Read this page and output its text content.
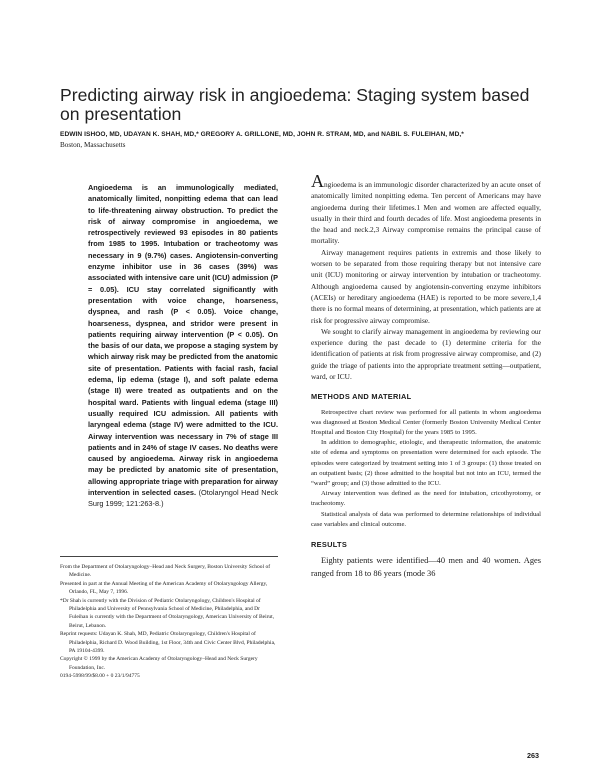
Predicting airway risk in angioedema: Staging system based on presentation
EDWIN ISHOO, MD, UDAYAN K. SHAH, MD,* GREGORY A. GRILLONE, MD, JOHN R. STRAM, MD, and NABIL S. FULEIHAN, MD,*
Boston, Massachusetts

Angioedema is an immunologically mediated, anatomically limited, nonpitting edema that can lead to life-threatening airway obstruction. To predict the risk of airway compromise in angioedema, we retrospectively reviewed 93 episodes in 80 patients from 1985 to 1995. Intubation or tracheotomy was necessary in 9 (9.7%) cases. Angiotensin-converting enzyme inhibitor use in 36 cases (39%) was associated with intensive care unit (ICU) admission (P = 0.05). ICU stay correlated significantly with presentation with voice change, hoarseness, dyspnea, and rash (P < 0.05). Voice change, hoarseness, dyspnea, and stridor were present in patients requiring airway intervention (P < 0.05). On the basis of our data, we propose a staging system by which airway risk may be predicted from the anatomic site of presentation. Patients with facial rash, facial edema, lip edema (stage I), and soft palate edema (stage II) were treated as outpatients and on the hospital ward. Patients with lingual edema (stage III) usually required ICU admission. All patients with laryngeal edema (stage IV) were admitted to the ICU. Airway intervention was necessary in 7% of stage III patients and in 24% of stage IV cases. No deaths were caused by angioedema. Airway risk in angioedema may be predicted by anatomic site of presentation, allowing appropriate triage with preparation for airway intervention in selected cases. (Otolaryngol Head Neck Surg 1999; 121:263-8.)

From the Department of Otolaryngology–Head and Neck Surgery, Boston University School of Medicine.

Presented in part at the Annual Meeting of the American Academy of Otolaryngology Allergy, Orlando, FL, May 7, 1996.

*Dr Shah is currently with the Division of Pediatric Otolaryngology, Children's Hospital of Philadelphia and University of Pennsylvania School of Medicine, Philadelphia, and Dr Fuleihan is currently with the Department of Otolaryngology, American University of Beirut, Beirut, Lebanon.

Reprint requests: Udayan K. Shah, MD, Pediatric Otolaryngology, Children's Hospital of Philadelphia, Richard D. Wood Building, 1st Floor, 34th and Civic Center Blvd, Philadelphia, PA 19104-4399.

Copyright © 1999 by the American Academy of Otolaryngology–Head and Neck Surgery Foundation, Inc.

0194-5998/99/$8.00 + 0 23/1/94775

Angioedema is an immunologic disorder characterized by an acute onset of anatomically limited nonpitting edema. Ten percent of Americans may have angioedema during their lifetimes.1 Men and women are affected equally, usually in their third and fourth decades of life. Most angioedema presents in the head and neck.2,3 Airway compromise remains the principal cause of mortality.

Airway management requires patients in extremis and those likely to worsen to be separated from those requiring therapy but not intensive care unit (ICU) monitoring or airway intervention by intubation or tracheotomy. Although angioedema caused by angiotensin-converting enzyme inhibitors (ACEIs) or hereditary angioedema (HAE) is reported to be more severe,1,4 there is no formal means of determining, at presentation, which patients are at risk for progressive airway compromise.

We sought to clarify airway management in angioedema by reviewing our experience during the past decade to (1) determine criteria for the identification of patients at risk from progressive airway compromise, and (2) guide the triage of patients into the appropriate treatment setting—outpatient, ward, or ICU.

METHODS AND MATERIAL

Retrospective chart review was performed for all patients in whom angioedema was diagnosed at Boston Medical Center (formerly Boston University Medical Center Hospital and Boston City Hospital) for the years 1985 to 1995.

In addition to demographic, etiologic, and therapeutic information, the anatomic site of edema and symptoms on presentation were determined for each episode. The episodes were categorized by treatment setting into 1 of 3 groups: (1) those treated on an outpatient basis; (2) those admitted to the hospital but not into an ICU, termed the “ward” group; and (3) those admitted to the ICU.

Airway intervention was defined as the need for intubation, cricothyrotomy, or tracheotomy.

Statistical analysis of data was performed to determine relationships of individual case variables and clinical outcome.

RESULTS

Eighty patients were identified—40 men and 40 women. Ages ranged from 18 to 86 years (mode 36

263
